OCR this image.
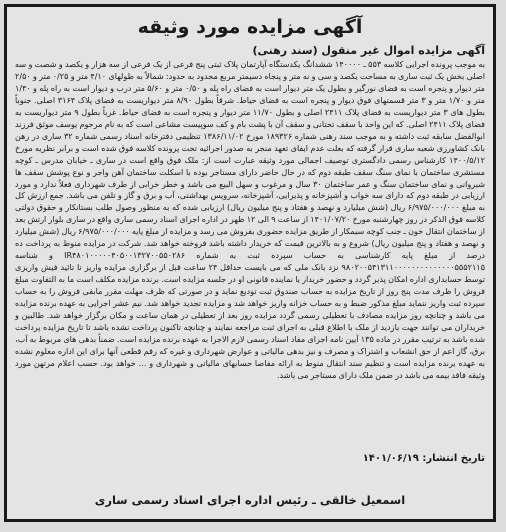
آگهی مزایده مورد وثیقه
آگهی مزایده اموال غیر منقول (سند رهنی)
به موجب پرونده اجرایی کلاسه ۵۵۳ ـ ۱۴۰۰۰۰ ششدانگ یکدستگاه آپارتمان پلاک ثبتی پنج فرعی از یک فرعی از سه هزار و یکصد و شصت و سه اصلی بخش یک ثبت ساری به مساحت یکصد و سی و نه متر و پنجاه دسیمتر مربع محدود به حدود: شمالاً به طولهای ۴/۱۰ متر و ۰/۲۵ متر و ۲/۵۰ متر دیوار و پنجره است به فضای نورگیر و بطول یک متر دیوار است به فضای راه پله و ۰/۵۰ متر و ۵/۶۰ متر درب و دیوار است به راه پله و ۱/۴۰ متر و ۱/۷۰ متر و ۳ متر قسمتهای فوق دیوار و پنجره است به فضای حیاط. شرقاً بطول ۸/۹۰ متر دیواریست به فضای پلاک ۳۱۶۴ اصلی. جنوباً بطول های ۳ متر دیواریست به فضای پلاک ۲۴۱۱ اصلی و بطول ۱۱/۷۰ متر دیوار و پنجره است به فضای حیاط. غرباً بطول ۹ متر دیواریست به فضای پلاک ۲۴۱۱ اصلی. که این واحد با سقف تحتانی و سقف آن با پشت بام و کف سوپیست مشاعی است که به نام مرحوم یوسف موثق فرزند ابوالفضل سابقه ثبت داشته و به موجب سند رهنی شماره ۱۸۹۳۲۶ مورخ ۱۳۸۶/۱۱/۰۲ تنظیمی دفترخانه اسناد رسمی شماره ۳۲ ساری در رهن بانک کشاورزی شعبه ساری قرار گرفته که بعلت عدم ایفای تعهد منجر به صدور اجرائیه تحت پرونده کلاسه فوق شده است و برابر نظریه مورخ ۱۴۰۰/۵/۱۲ کارشناس رسمی دادگستری توصیف اجمالی مورد وثیقه عبارت است از: ملک فوق واقع است در ساری ـ خیابان مدرس ـ کوچه مستشری ساختمان با نمای سنگ سقف طبقه دوم که در حال حاضر دارای مستاجر بوده با اسکلت ساختمان آهن واجر و نوع پوشش سقف ها شیروانی و نمای ساختمان سنگ و عمر ساختمان ۳۰ سال و مرغوب و سهل البیع می باشد و خطر خرابی از طرف شهرداری فعلاً ندارد و مورد ارزیابی در طبقه دوم که دارای سه خواب و آشپزخانه و پذیرایی، آشپزخانه، سرویس بهداشتی، آب و برق و گاز و تلفن می باشد. جمع ارزش کل به مبلغ ۶/۹۷۵/۰۰۰/۰۰۰ ریال (شش میلیارد و نهصد و هفتاد و پنج میلیون ریال) ارزیابی شده که به منظور وصول طلب بستانکار و حقوق دولتی کلاسه فوق الذکر در روز چهارشنبه مورخ ۱۴۰۱/۰۷/۲۰ از ساعت ۹ الی ۱۲ ظهر در اداره اجرای اسناد رسمی ساری واقع در ساری بلوار ارتش بعد از ساختمان انتقال خون ـ جنب کوچه سیمکار از طریق مزایده حضوری بفروش می رسد و مزایده از مبلغ پایه ۶/۹۷۵/۰۰۰/۰۰۰ ریال (شش میلیارد و نهصد و هفتاد و پنج میلیون ریال) شروع و به بالاترین قیمت که خریدار داشته باشد فروخته خواهد شد. شرکت در مزایده منوط به پرداخت ده درصد از مبلغ پایه کارشناسی به حساب سپرده ثبت به شماره IR۴۸۰۱۰۰۰۰۰۴۰۵۰۰۱۳۲۷۰۰۵۵۰۲۸۶ و شناسه ۹۸۰۲۰۰۵۴۱۳۱۱۰۰۰۰۰۰۰۰۰۰۰۰۰۰۵۵۵۲۱۱۵ نزد بانک ملی که می بایست حداقل ۲۴ ساعت قبل از برگزاری مزایده واریز تا تائید فیش واریزی توسط حسابداری اداره امکان پذیر گردد و حضور خریدار یا نماینده قانونی او در جلسه مزایده است. برنده مزایده مکلف است ما به التفاوت مبلغ فروش را ظرف مدت پنج روز از تاریخ مزایده به حساب صندوق ثبت تودیع نماید و در صورتی که ظرف مهلت مقرر مابقی فروش را به حساب سپرده ثبت واریز ننماید مبلغ مذکور ضبط و به حساب خزانه واریز خواهد شد و مزایده تجدید خواهد شد. نیم عشر اجرایی به عهده برنده مزایده می باشد و چنانچه روز مزایده مصادف با تعطیلی رسمی گردد مزایده روز بعد از تعطیلی در همان ساعت و مکان برگزار خواهد شد. طالبین و خریداران می توانند جهت بازدید از ملک با اطلاع قبلی به اجرای ثبت مراجعه نمایند و چنانچه تاکنون پرداخت نشده باشد تا تاریخ مزایده پرداخت شده باشد به ترتیب مقرر در ماده ۱۳۵ آیین نامه اجرای مفاد اسناد رسمی لازم الاجرا به عهده برنده مزایده است. ضمناً بدهی های مربوط به آب، برق، گاز اعم از حق انشعاب و اشتراک و مصرف و نیز بدهی مالیاتی و عوارض شهرداری و غیره که رقم قطعی آنها برای این اداره معلوم نشده به عهده برنده مزایده است و تنظیم سند انتقال منوط به ارائه مفاصا حسابهای مالیاتی و شهرداری و ... خواهد بود. حسب اعلام مرتهن مورد وثیقه فاقد بیمه می باشد در ضمن ملک دارای مستاجر می باشد.
تاریخ انتشار: ۱۴۰۱/۰۶/۱۹
اسمعیل خالقی ـ رئیس اداره اجرای اسناد رسمی ساری
